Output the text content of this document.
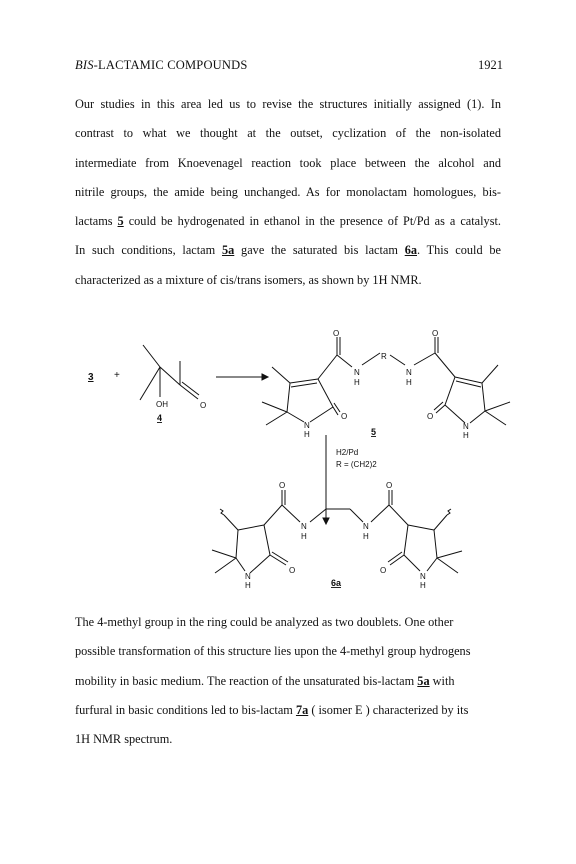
BIS-LACTAMIC COMPOUNDS	1921
Our studies in this area led us to revise the structures initially assigned (1). In
contrast to what we thought at the outset, cyclization of the non-isolated
intermediate from Knoevenagel reaction took place between the alcohol and
nitrile groups, the amide being unchanged. As for monolactam homologues, bis-
lactams 5 could be hydrogenated in ethanol in the presence of Pt/Pd as a catalyst.
In such conditions, lactam 5a gave the saturated bis lactam 6a. This could be
characterized as a mixture of cis/trans isomers, as shown by 1H NMR.
3 +
O
OH
4
O	O
R
N
H
N
H
O
N
H
O
N
H
5
H2/Pd
R = (CH2)2
O	O
N
H
N
H
O	O
N
H
N
H
6a
The 4-methyl group in the ring could be analyzed as two doublets. One other
possible transformation of this structure lies upon the 4-methyl group hydrogens
mobility in basic medium. The reaction of the unsaturated bis-lactam 5a with
furfural in basic conditions led to bis-lactam 7a ( isomer E ) characterized by its
1H NMR spectrum.
